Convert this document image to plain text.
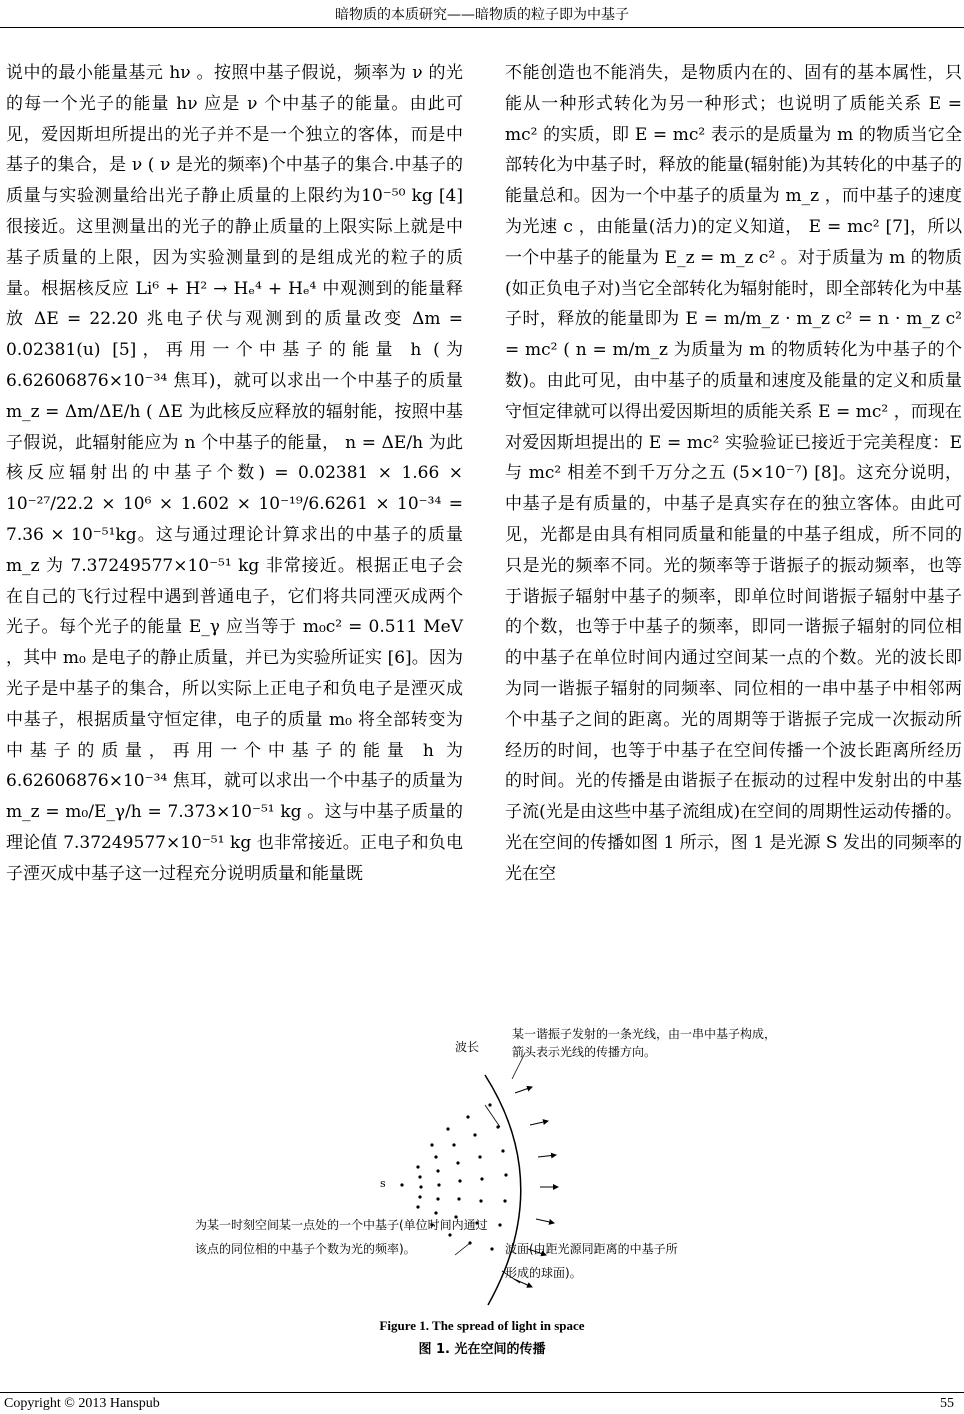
暗物质的本质研究——暗物质的粒子即为中基子

说中的最小能量基元 hν 。按照中基子假说，频率为 ν 的光的每一个光子的能量 hν 应是 ν 个中基子的能量。由此可见，爱因斯坦所提出的光子并不是一个独立的客体，而是中基子的集合，是 ν ( ν 是光的频率)个中基子的集合.中基子的质量与实验测量给出光子静止质量的上限约为10⁻⁵⁰ kg [4]很接近。这里测量出的光子的静止质量的上限实际上就是中基子质量的上限，因为实验测量到的是组成光的粒子的质量。根据核反应 Li⁶ + H² → Hₑ⁴ + Hₑ⁴ 中观测到的能量释放 ΔE = 22.20 兆电子伏与观测到的质量改变 Δm = 0.02381(u) [5]，再用一个中基子的能量 h (为 6.62606876×10⁻³⁴ 焦耳)，就可以求出一个中基子的质量 m_z = Δm/ΔE/h ( ΔE 为此核反应释放的辐射能，按照中基子假说，此辐射能应为 n 个中基子的能量， n = ΔE/h 为此核反应辐射出的中基子个数) = 0.02381 × 1.66 × 10⁻²⁷/22.2 × 10⁶ × 1.602 × 10⁻¹⁹/6.6261 × 10⁻³⁴ = 7.36 × 10⁻⁵¹kg。这与通过理论计算求出的中基子的质量 m_z 为 7.37249577×10⁻⁵¹ kg 非常接近。根据正电子会在自己的飞行过程中遇到普通电子，它们将共同湮灭成两个光子。每个光子的能量 E_γ 应当等于 m₀c² = 0.511 MeV ，其中 m₀ 是电子的静止质量，并已为实验所证实 [6]。因为光子是中基子的集合，所以实际上正电子和负电子是湮灭成中基子，根据质量守恒定律，电子的质量 m₀ 将全部转变为中基子的质量，再用一个中基子的能量 h 为 6.62606876×10⁻³⁴ 焦耳，就可以求出一个中基子的质量为 m_z = m₀/E_γ/h = 7.373×10⁻⁵¹ kg 。这与中基子质量的理论值 7.37249577×10⁻⁵¹ kg 也非常接近。正电子和负电子湮灭成中基子这一过程充分说明质量和能量既

不能创造也不能消失，是物质内在的、固有的基本属性，只能从一种形式转化为另一种形式；也说明了质能关系 E = mc² 的实质，即 E = mc² 表示的是质量为 m 的物质当它全部转化为中基子时，释放的能量(辐射能)为其转化的中基子的能量总和。因为一个中基子的质量为 m_z ，而中基子的速度为光速 c ，由能量(活力)的定义知道， E = mc² [7]，所以一个中基子的能量为 E_z = m_z c² 。对于质量为 m 的物质(如正负电子对)当它全部转化为辐射能时，即全部转化为中基子时，释放的能量即为 E = m/m_z · m_z c² = n · m_z c² = mc² ( n = m/m_z 为质量为 m 的物质转化为中基子的个数)。由此可见，由中基子的质量和速度及能量的定义和质量守恒定律就可以得出爱因斯坦的质能关系 E = mc² ，而现在对爱因斯坦提出的 E = mc² 实验验证已接近于完美程度：E 与 mc² 相差不到千万分之五 (5×10⁻⁷) [8]。这充分说明，中基子是有质量的，中基子是真实存在的独立客体。由此可见，光都是由具有相同质量和能量的中基子组成，所不同的只是光的频率不同。光的频率等于谐振子的振动频率，也等于谐振子辐射中基子的频率，即单位时间谐振子辐射中基子的个数，也等于中基子的频率，即同一谐振子辐射的同位相的中基子在单位时间内通过空间某一点的个数。光的波长即为同一谐振子辐射的同频率、同位相的一串中基子中相邻两个中基子之间的距离。光的周期等于谐振子完成一次振动所经历的时间，也等于中基子在空间传播一个波长距离所经历的时间。光的传播是由谐振子在振动的过程中发射出的中基子流(光是由这些中基子流组成)在空间的周期性运动传播的。光在空间的传播如图 1 所示，图 1 是光源 S 发出的同频率的光在空

s
波长
某一谐振子发射的一条光线，由一串中基子构成，箭头表示光线的传播方向。
为某一时刻空间某一点处的一个中基子(单位时间内通过该点的同位相的中基子个数为光的频率)。	波面(由距光源同距离的中基子所形成的球面)。
Figure 1. The spread of light in space
图 1. 光在空间的传播
Copyright © 2013 Hanspub	55
